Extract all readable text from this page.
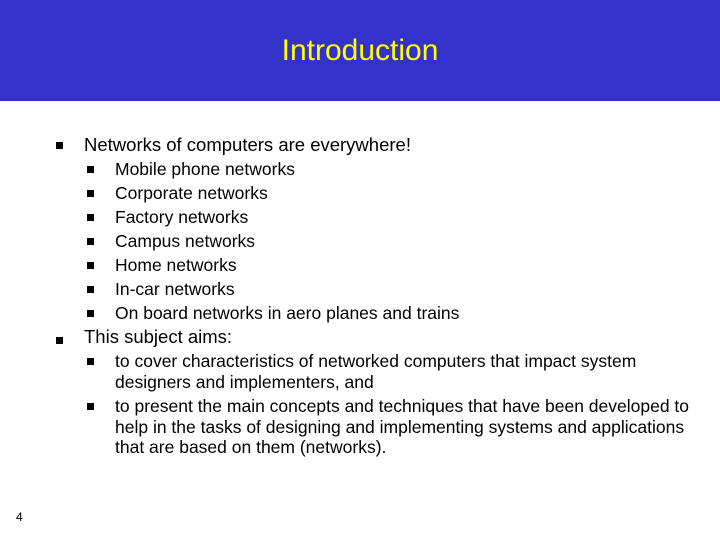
Introduction
Networks of computers are everywhere!
Mobile phone networks
Corporate networks
Factory networks
Campus networks
Home networks
In-car networks
On board networks in aero planes and trains
This subject aims:
to cover characteristics of networked computers that impact system designers and implementers, and
to present the main concepts and techniques that have been developed to help in the tasks of designing and implementing systems and applications that are based on them (networks).
4
